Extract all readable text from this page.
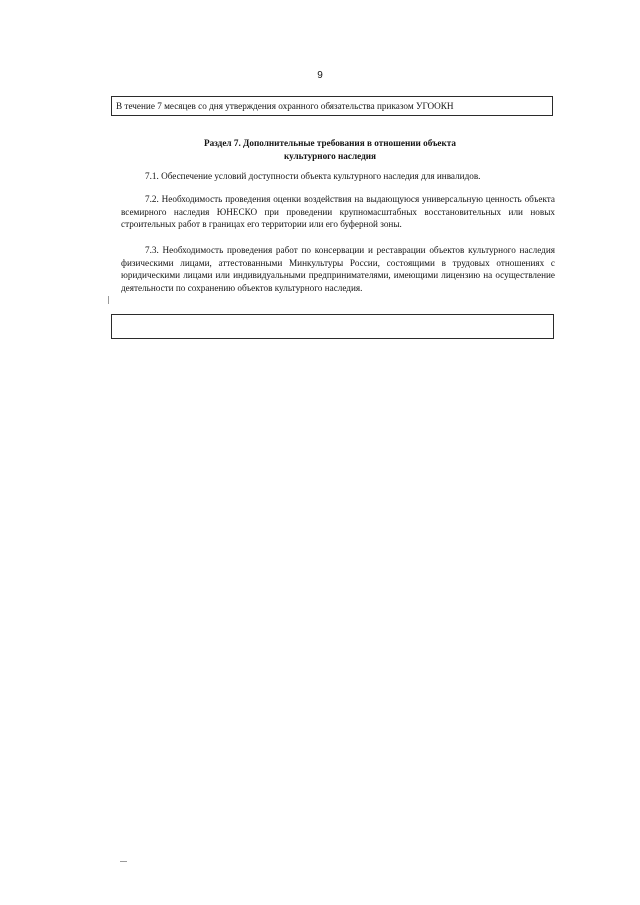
9
В течение 7 месяцев со дня утверждения охранного обязательства приказом УГООКН
Раздел 7. Дополнительные требования в отношении объекта
культурного наследия
7.1. Обеспечение условий доступности объекта культурного наследия для инвалидов.
7.2. Необходимость проведения оценки воздействия на выдающуюся универсальную ценность объекта всемирного наследия ЮНЕСКО при проведении крупномасштабных восстановительных или новых строительных работ в границах его территории или его буферной зоны.
7.3. Необходимость проведения работ по консервации и реставрации объектов культурного наследия физическими лицами, аттестованными Минкультуры России, состоящими в трудовых отношениях с юридическими лицами или индивидуальными предпринимателями, имеющими лицензию на осуществление деятельности по сохранению объектов культурного наследия.
